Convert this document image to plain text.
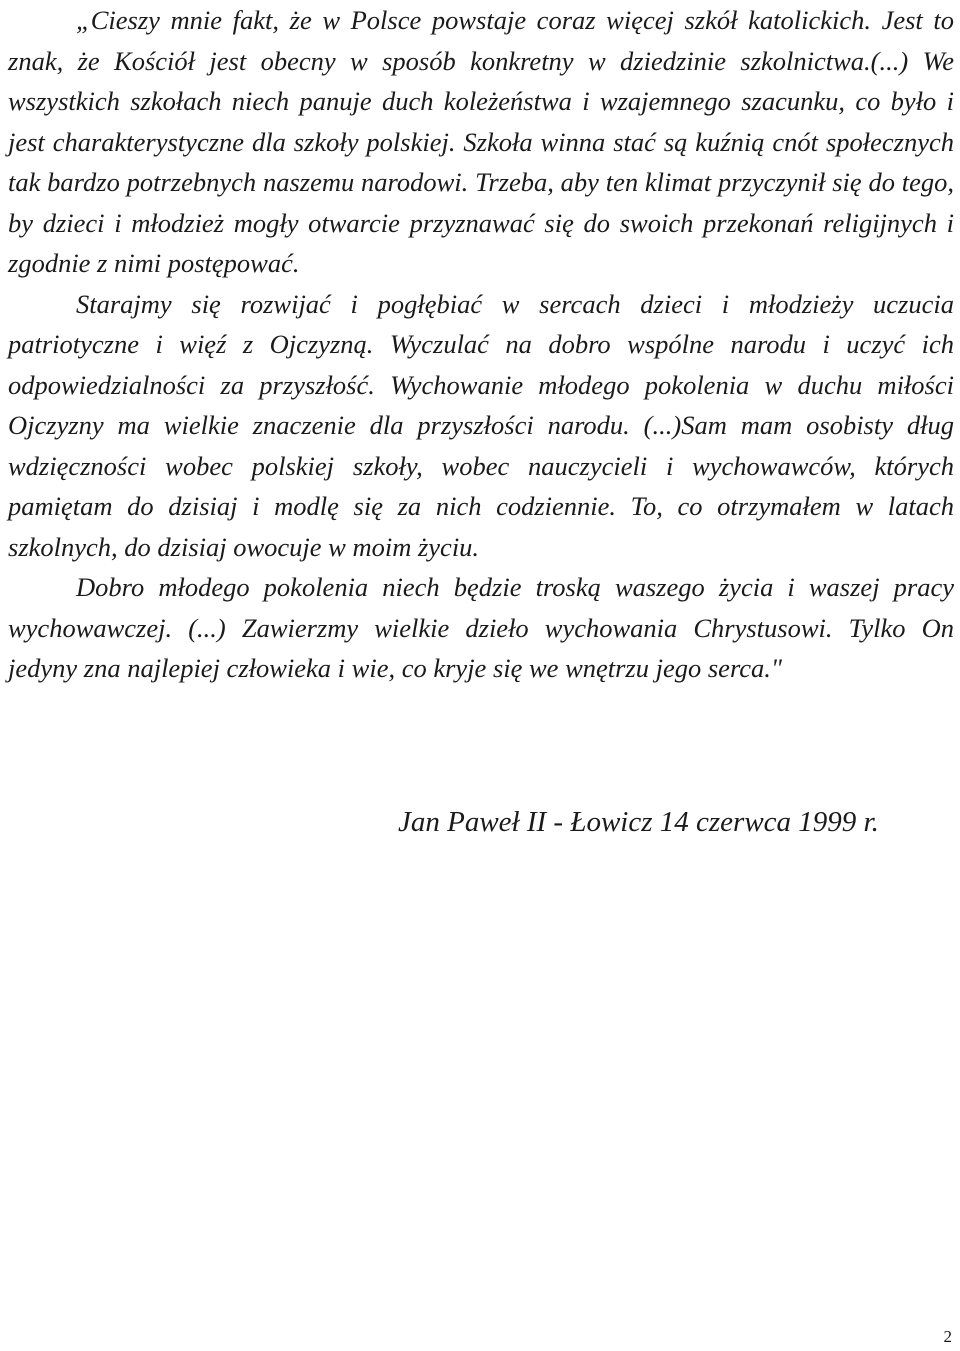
„Cieszy mnie fakt, że w Polsce powstaje coraz więcej szkół katolickich. Jest to znak, że Kościół jest obecny w sposób konkretny w dziedzinie szkolnictwa.(...) We wszystkich szkołach niech panuje duch koleżeństwa i wzajemnego szacunku, co było i jest charakterystyczne dla szkoły polskiej. Szkoła winna stać są kuźnią cnót społecznych tak bardzo potrzebnych naszemu narodowi. Trzeba, aby ten klimat przyczynił się do tego, by dzieci i młodzież mogły otwarcie przyznawać się do swoich przekonań religijnych i zgodnie z nimi postępować.

Starajmy się rozwijać i pogłębiać w sercach dzieci i młodzieży uczucia patriotyczne i więź z Ojczyzną. Wyczulać na dobro wspólne narodu i uczyć ich odpowiedzialności za przyszłość. Wychowanie młodego pokolenia w duchu miłości Ojczyzny ma wielkie znaczenie dla przyszłości narodu. (...)Sam mam osobisty dług wdzięczności wobec polskiej szkoły, wobec nauczycieli i wychowawców, których pamiętam do dzisiaj i modlę się za nich codziennie. To, co otrzymałem w latach szkolnych, do dzisiaj owocuje w moim życiu.

Dobro młodego pokolenia niech będzie troską waszego życia i waszej pracy wychowawczej. (...) Zawierzmy wielkie dzieło wychowania Chrystusowi. Tylko On jedyny zna najlepiej człowieka i wie, co kryje się we wnętrzu jego serca."

Jan Paweł II - Łowicz 14 czerwca 1999 r.
2
